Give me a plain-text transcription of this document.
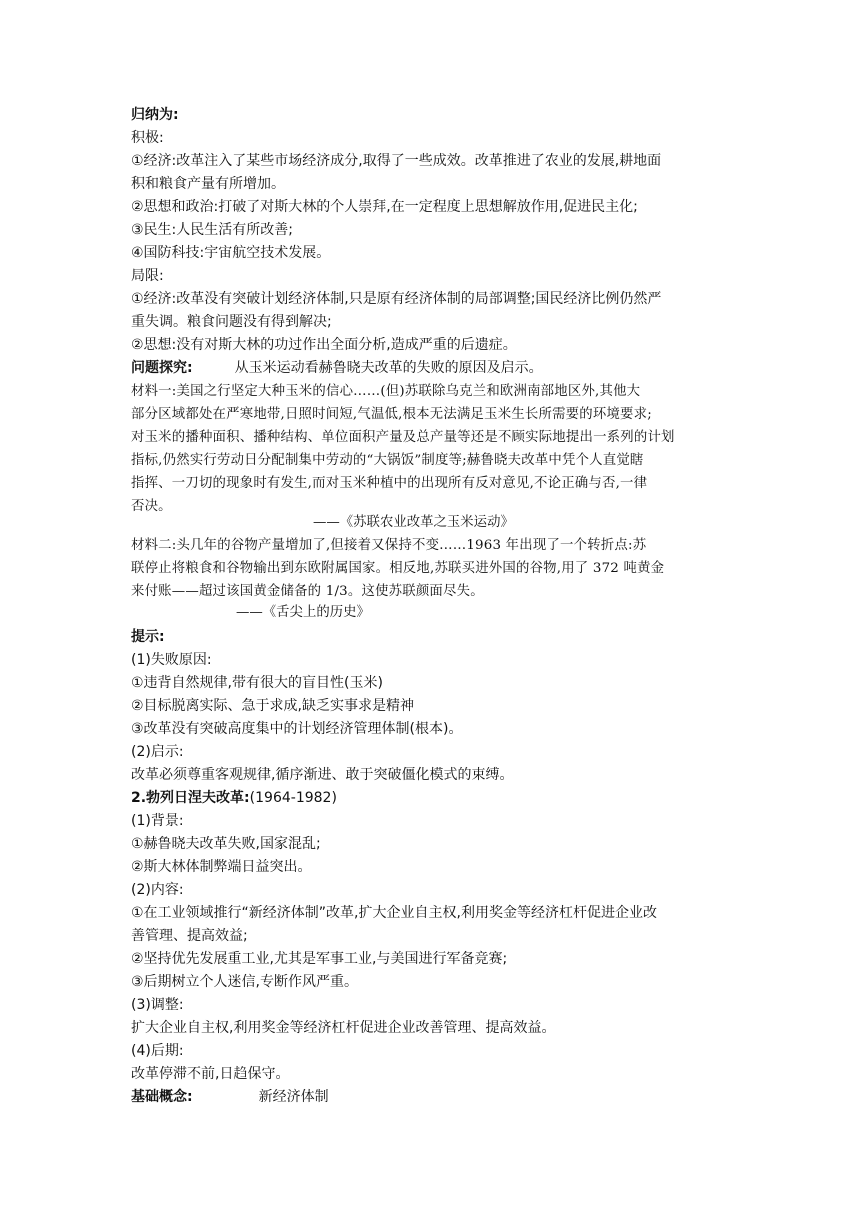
归纳为:
积极:
①经济:改革注入了某些市场经济成分,取得了一些成效。改革推进了农业的发展,耕地面
积和粮食产量有所增加。
②思想和政治:打破了对斯大林的个人崇拜,在一定程度上思想解放作用,促进民主化;
③民生:人民生活有所改善;
④国防科技:宇宙航空技术发展。
局限:
①经济:改革没有突破计划经济体制,只是原有经济体制的局部调整;国民经济比例仍然严
重失调。粮食问题没有得到解决;
②思想:没有对斯大林的功过作出全面分析,造成严重的后遗症。
问题探究:	从玉米运动看赫鲁晓夫改革的失败的原因及启示。
材料一:美国之行坚定大种玉米的信心……(但)苏联除乌克兰和欧洲南部地区外,其他大
部分区域都处在严寒地带,日照时间短,气温低,根本无法满足玉米生长所需要的环境要求;
对玉米的播种面积、播种结构、单位面积产量及总产量等还是不顾实际地提出一系列的计划
指标,仍然实行劳动日分配制集中劳动的“大锅饭”制度等;赫鲁晓夫改革中凭个人直觉瞎
指挥、一刀切的现象时有发生,而对玉米种植中的出现所有反对意见,不论正确与否,一律
否决。
——《苏联农业改革之玉米运动》
材料二:头几年的谷物产量增加了,但接着又保持不变……1963 年出现了一个转折点:苏
联停止将粮食和谷物输出到东欧附属国家。相反地,苏联买进外国的谷物,用了 372 吨黄金
来付账——超过该国黄金储备的 1/3。这使苏联颜面尽失。
——《舌尖上的历史》
提示:
(1)失败原因:
①违背自然规律,带有很大的盲目性(玉米)
②目标脱离实际、急于求成,缺乏实事求是精神
③改革没有突破高度集中的计划经济管理体制(根本)。
(2)启示:
改革必须尊重客观规律,循序渐进、敢于突破僵化模式的束缚。
2.勃列日涅夫改革:(1964-1982)
(1)背景:
①赫鲁晓夫改革失败,国家混乱;
②斯大林体制弊端日益突出。
(2)内容:
①在工业领域推行“新经济体制”改革,扩大企业自主权,利用奖金等经济杠杆促进企业改
善管理、提高效益;
②坚持优先发展重工业,尤其是军事工业,与美国进行军备竞赛;
③后期树立个人迷信,专断作风严重。
(3)调整:
扩大企业自主权,利用奖金等经济杠杆促进企业改善管理、提高效益。
(4)后期:
改革停滞不前,日趋保守。
基础概念:	新经济体制
